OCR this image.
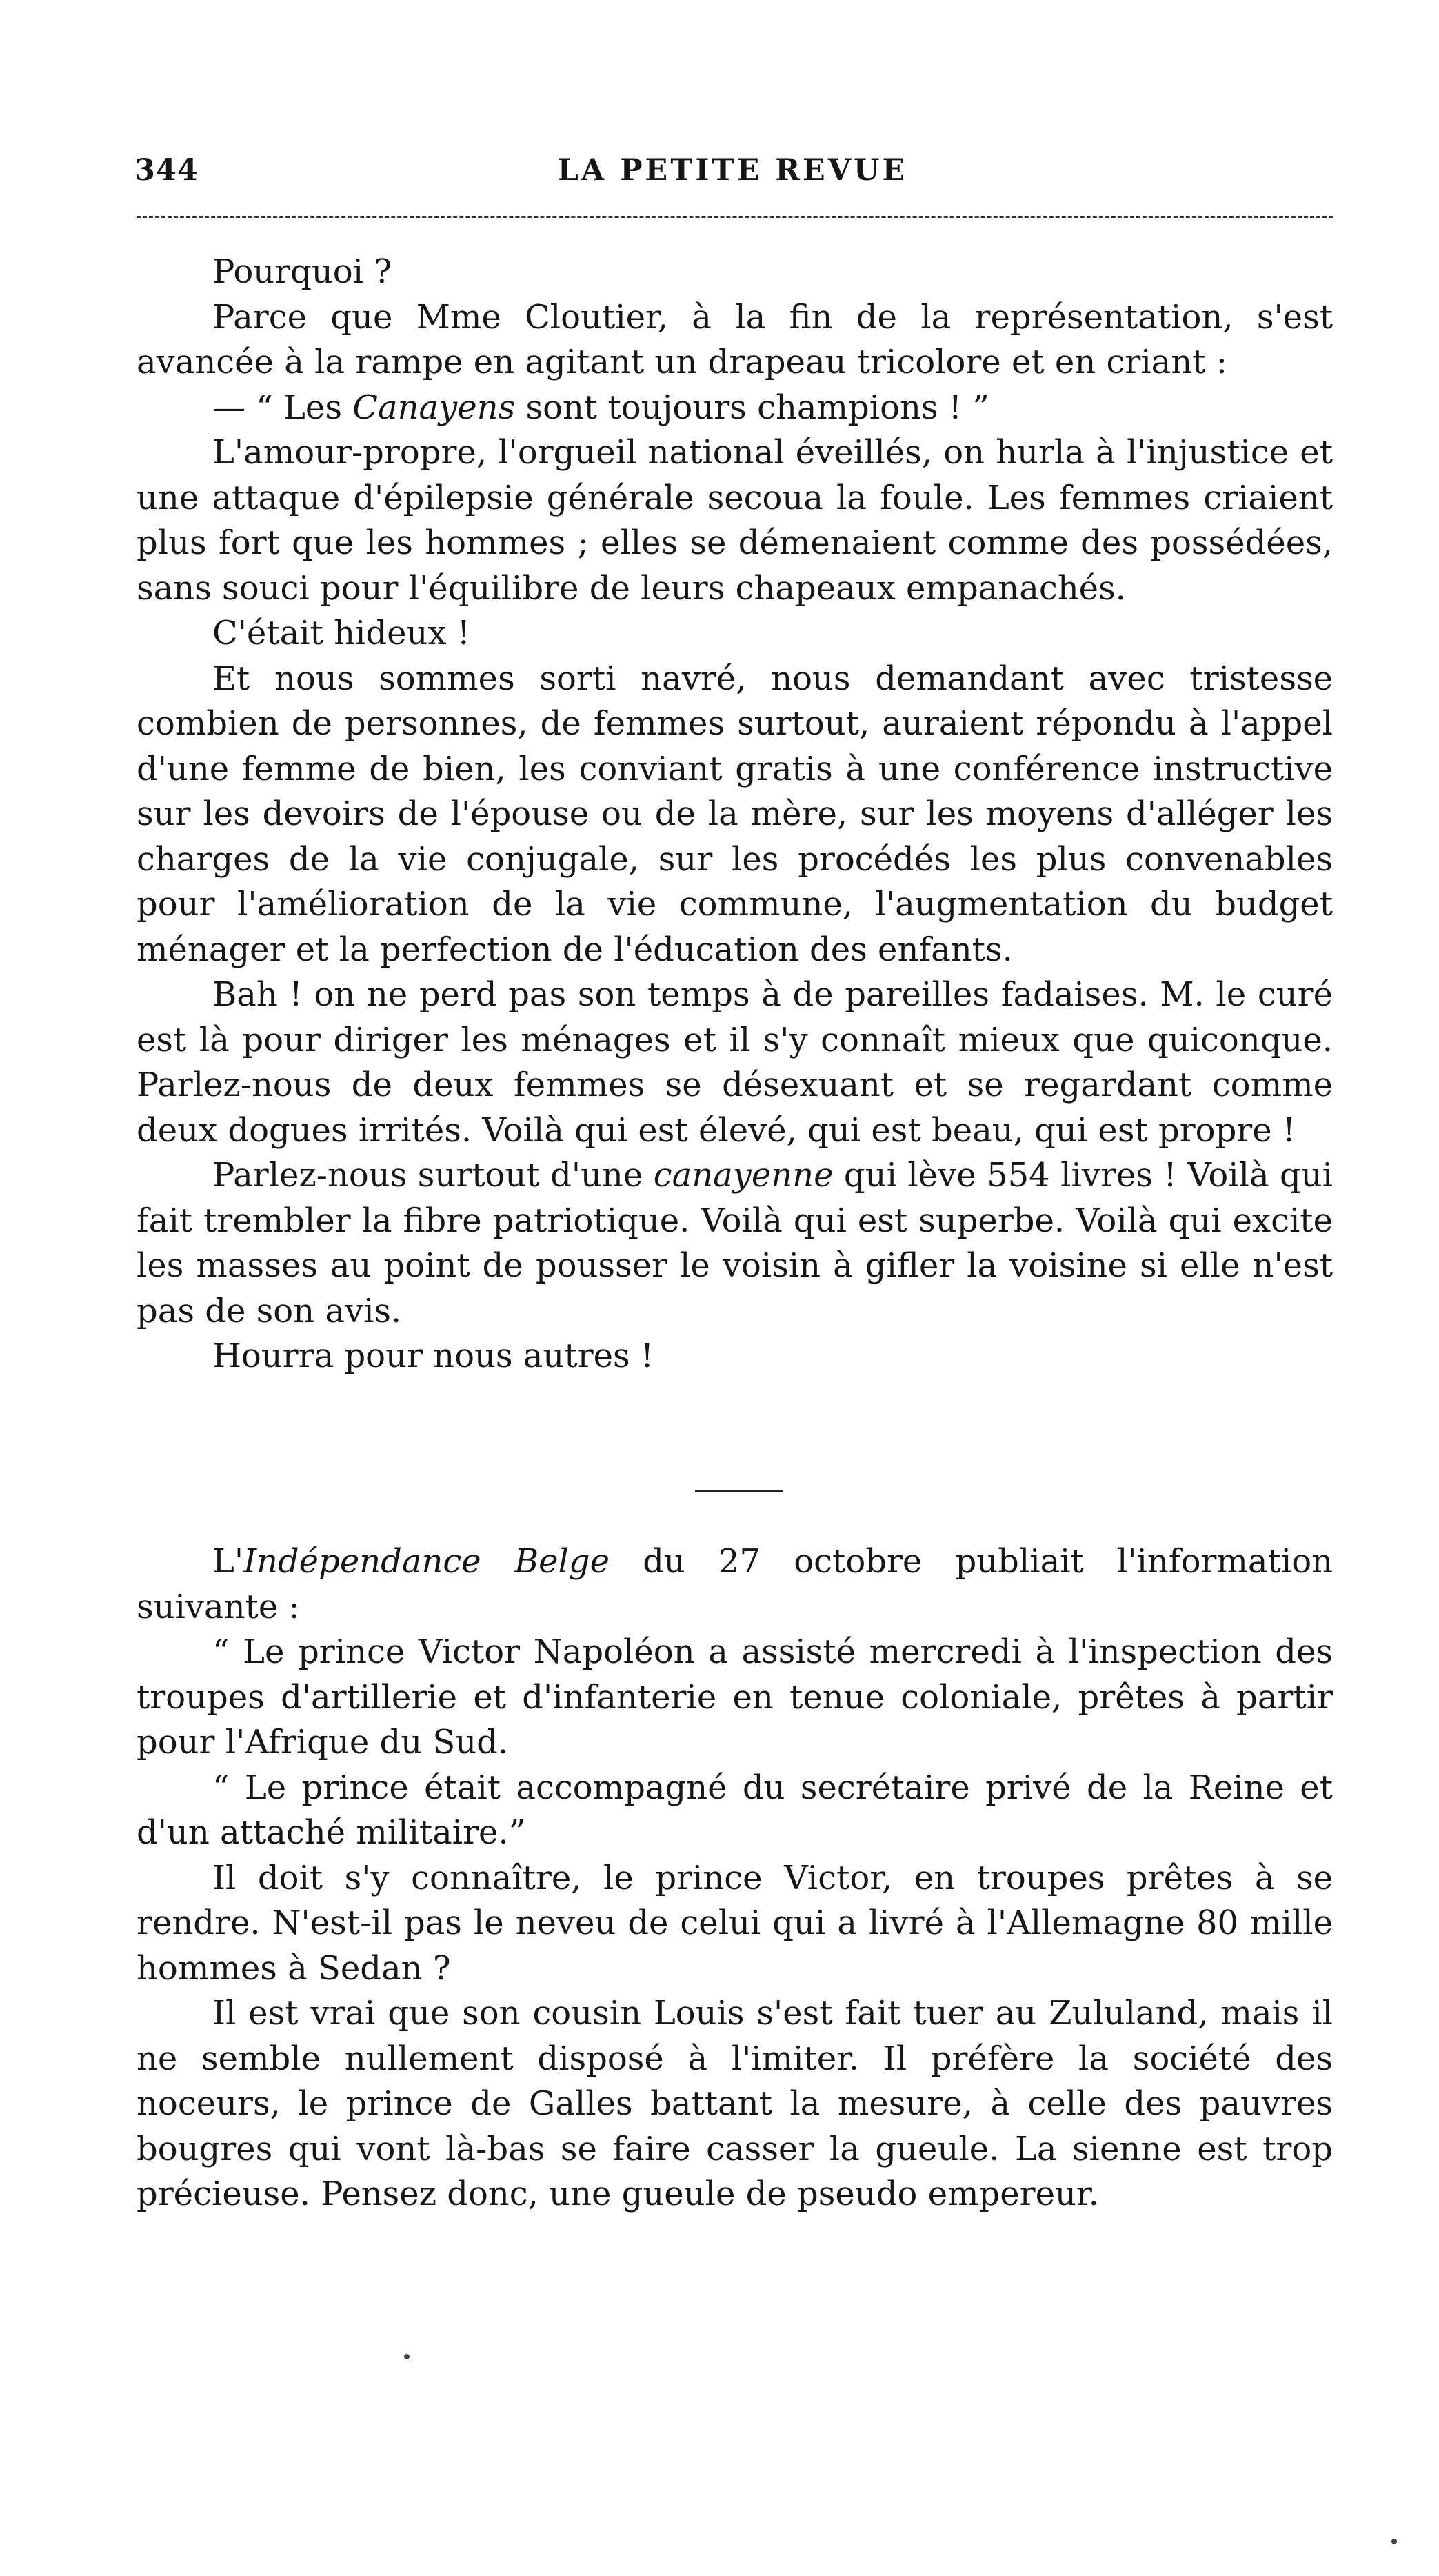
344	LA PETITE REVUE

Pourquoi ?

Parce que Mme Cloutier, à la fin de la représentation, s'est avancée à la rampe en agitant un drapeau tricolore et en criant :

— “ Les Canayens sont toujours champions ! ”

L'amour-propre, l'orgueil national éveillés, on hurla à l'injustice et une attaque d'épilepsie générale secoua la foule. Les femmes criaient plus fort que les hommes ; elles se démenaient comme des possédées, sans souci pour l'équilibre de leurs chapeaux empanachés.

C'était hideux !

Et nous sommes sorti navré, nous demandant avec tristesse combien de personnes, de femmes surtout, auraient répondu à l'appel d'une femme de bien, les conviant gratis à une conférence instructive sur les devoirs de l'épouse ou de la mère, sur les moyens d'alléger les charges de la vie conjugale, sur les procédés les plus convenables pour l'amélioration de la vie commune, l'augmentation du budget ménager et la perfection de l'éducation des enfants.

Bah ! on ne perd pas son temps à de pareilles fadaises. M. le curé est là pour diriger les ménages et il s'y connaît mieux que quiconque. Parlez-nous de deux femmes se désexuant et se regardant comme deux dogues irrités. Voilà qui est élevé, qui est beau, qui est propre !

Parlez-nous surtout d'une canayenne qui lève 554 livres ! Voilà qui fait trembler la fibre patriotique. Voilà qui est superbe. Voilà qui excite les masses au point de pousser le voisin à gifler la voisine si elle n'est pas de son avis.

Hourra pour nous autres !

L'Indépendance Belge du 27 octobre publiait l'information suivante :

“ Le prince Victor Napoléon a assisté mercredi à l'inspection des troupes d'artillerie et d'infanterie en tenue coloniale, prêtes à partir pour l'Afrique du Sud.

“ Le prince était accompagné du secrétaire privé de la Reine et d'un attaché militaire.”

Il doit s'y connaître, le prince Victor, en troupes prêtes à se rendre. N'est-il pas le neveu de celui qui a livré à l'Allemagne 80 mille hommes à Sedan ?

Il est vrai que son cousin Louis s'est fait tuer au Zululand, mais il ne semble nullement disposé à l'imiter. Il préfère la société des noceurs, le prince de Galles battant la mesure, à celle des pauvres bougres qui vont là-bas se faire casser la gueule. La sienne est trop précieuse. Pensez donc, une gueule de pseudo empereur.
